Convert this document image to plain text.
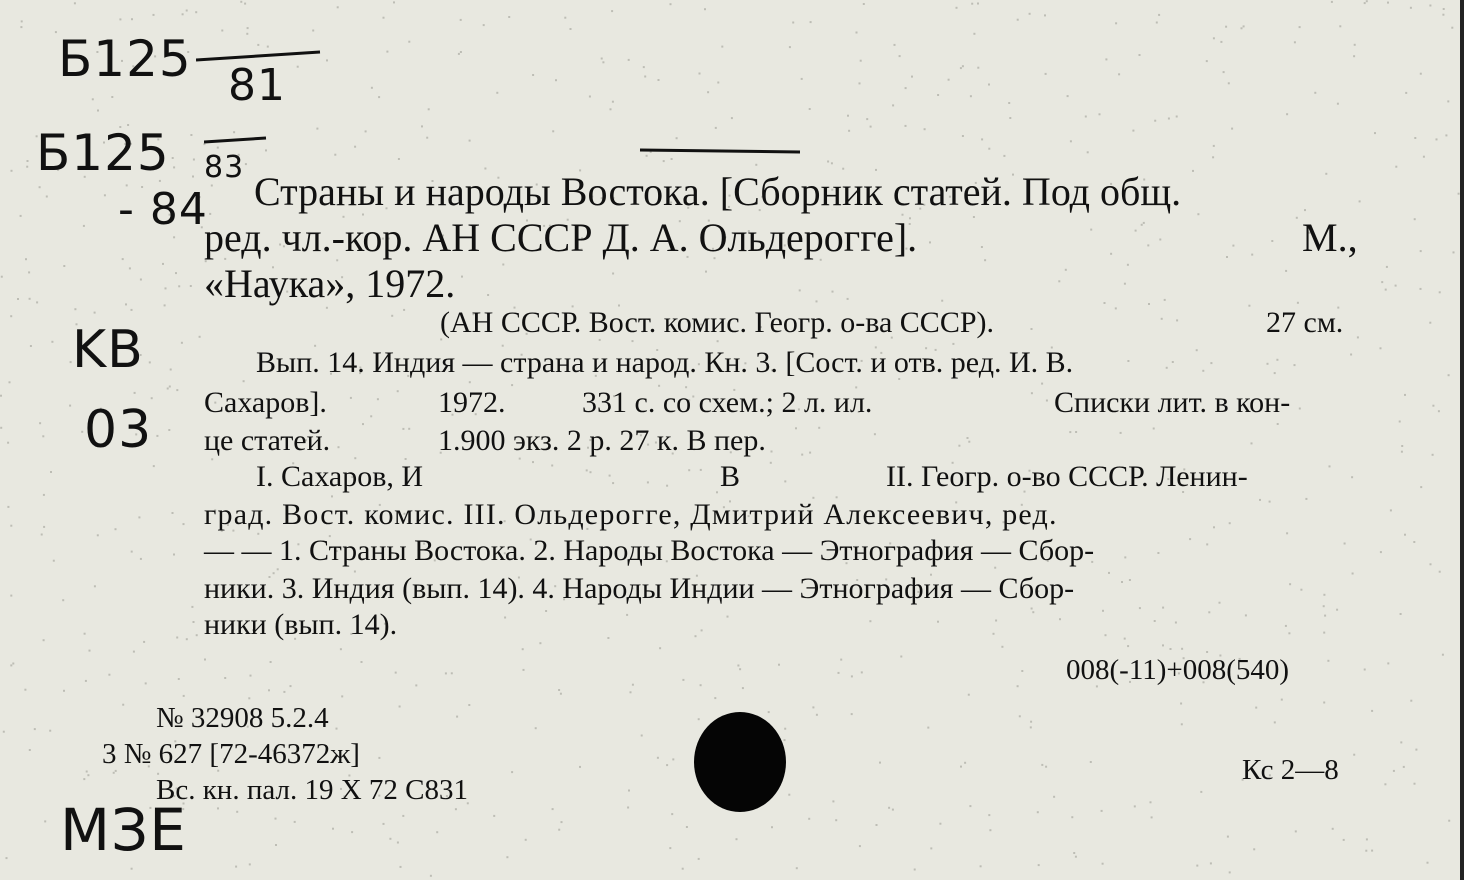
Б125 81
Б125 83
- 84
KB
03
МЗЕ
Страны и народы Востока. [Сборник статей. Под общ.
ред. чл.-кор. АН СССР Д. А. Ольдерогге].	М.,
«Наука», 1972.
(АН СССР. Вост. комис. Геогр. о-ва СССР).	27 см.
Вып. 14. Индия — страна и народ. Кн. 3. [Сост. и отв. ред. И. В.
Сахаров].	1972.	331 с. со схем.; 2 л. ил.	Списки лит. в кон-
це статей.	1.900 экз. 2 р. 27 к. В пер.
I. Сахаров, И	В	II. Геогр. о-во СССР. Ленин-
град. Вост. комис. III. Ольдерогге, Дмитрий Алексеевич, ред.
— — 1. Страны Востока. 2. Народы Востока — Этнография — Сбор-
ники. 3. Индия (вып. 14). 4. Народы Индии — Этнография — Сбор-
ники (вып. 14).
008(-11)+008(540)
№ 32908 5.2.4
3 № 627 [72-46372ж]
Вс. кн. пал. 19 X 72 С831
Кс 2—8
